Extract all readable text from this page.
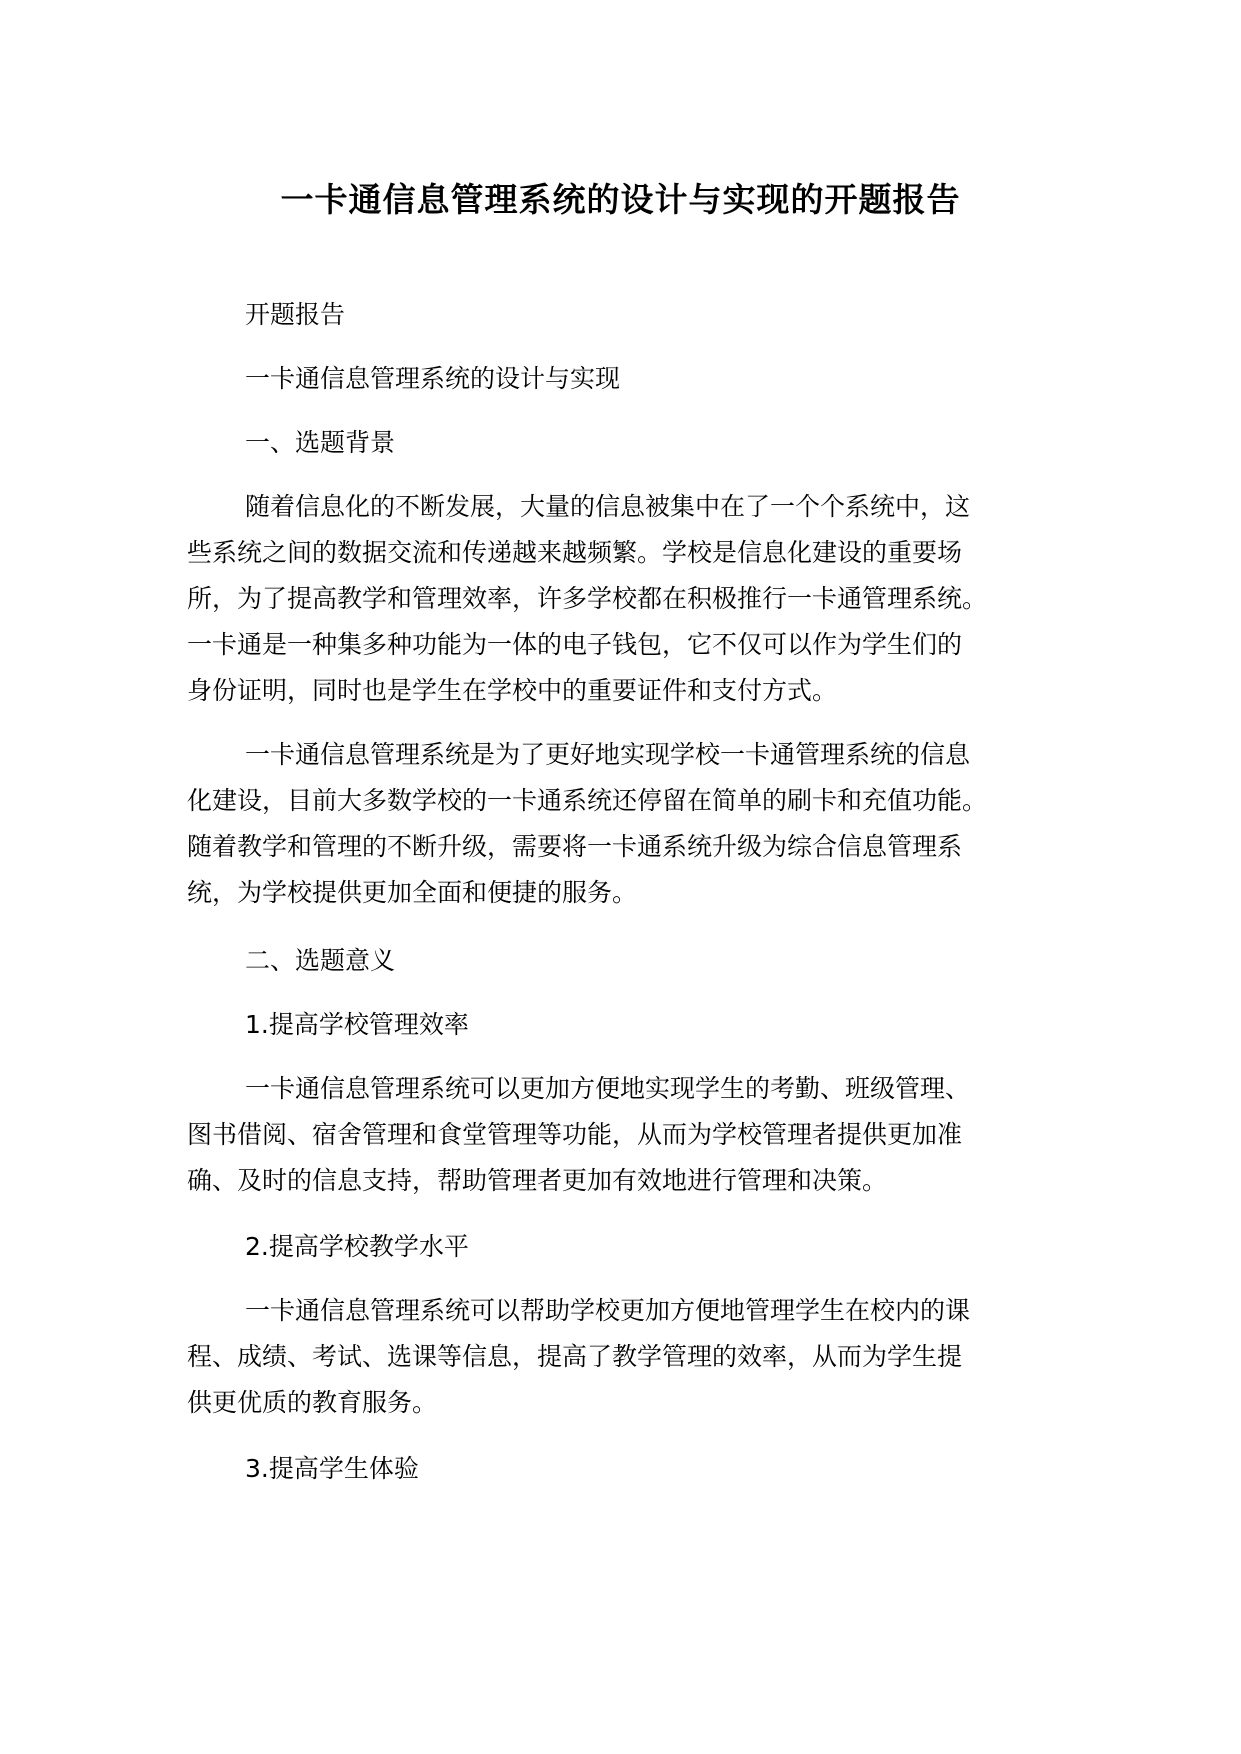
一卡通信息管理系统的设计与实现的开题报告
开题报告
一卡通信息管理系统的设计与实现
一、选题背景
随着信息化的不断发展，大量的信息被集中在了一个个系统中，这
些系统之间的数据交流和传递越来越频繁。学校是信息化建设的重要场
所，为了提高教学和管理效率，许多学校都在积极推行一卡通管理系统。
一卡通是一种集多种功能为一体的电子钱包，它不仅可以作为学生们的
身份证明，同时也是学生在学校中的重要证件和支付方式。
一卡通信息管理系统是为了更好地实现学校一卡通管理系统的信息
化建设，目前大多数学校的一卡通系统还停留在简单的刷卡和充值功能。
随着教学和管理的不断升级，需要将一卡通系统升级为综合信息管理系
统，为学校提供更加全面和便捷的服务。
二、选题意义
1.提高学校管理效率
一卡通信息管理系统可以更加方便地实现学生的考勤、班级管理、
图书借阅、宿舍管理和食堂管理等功能，从而为学校管理者提供更加准
确、及时的信息支持，帮助管理者更加有效地进行管理和决策。
2.提高学校教学水平
一卡通信息管理系统可以帮助学校更加方便地管理学生在校内的课
程、成绩、考试、选课等信息，提高了教学管理的效率，从而为学生提
供更优质的教育服务。
3.提高学生体验
